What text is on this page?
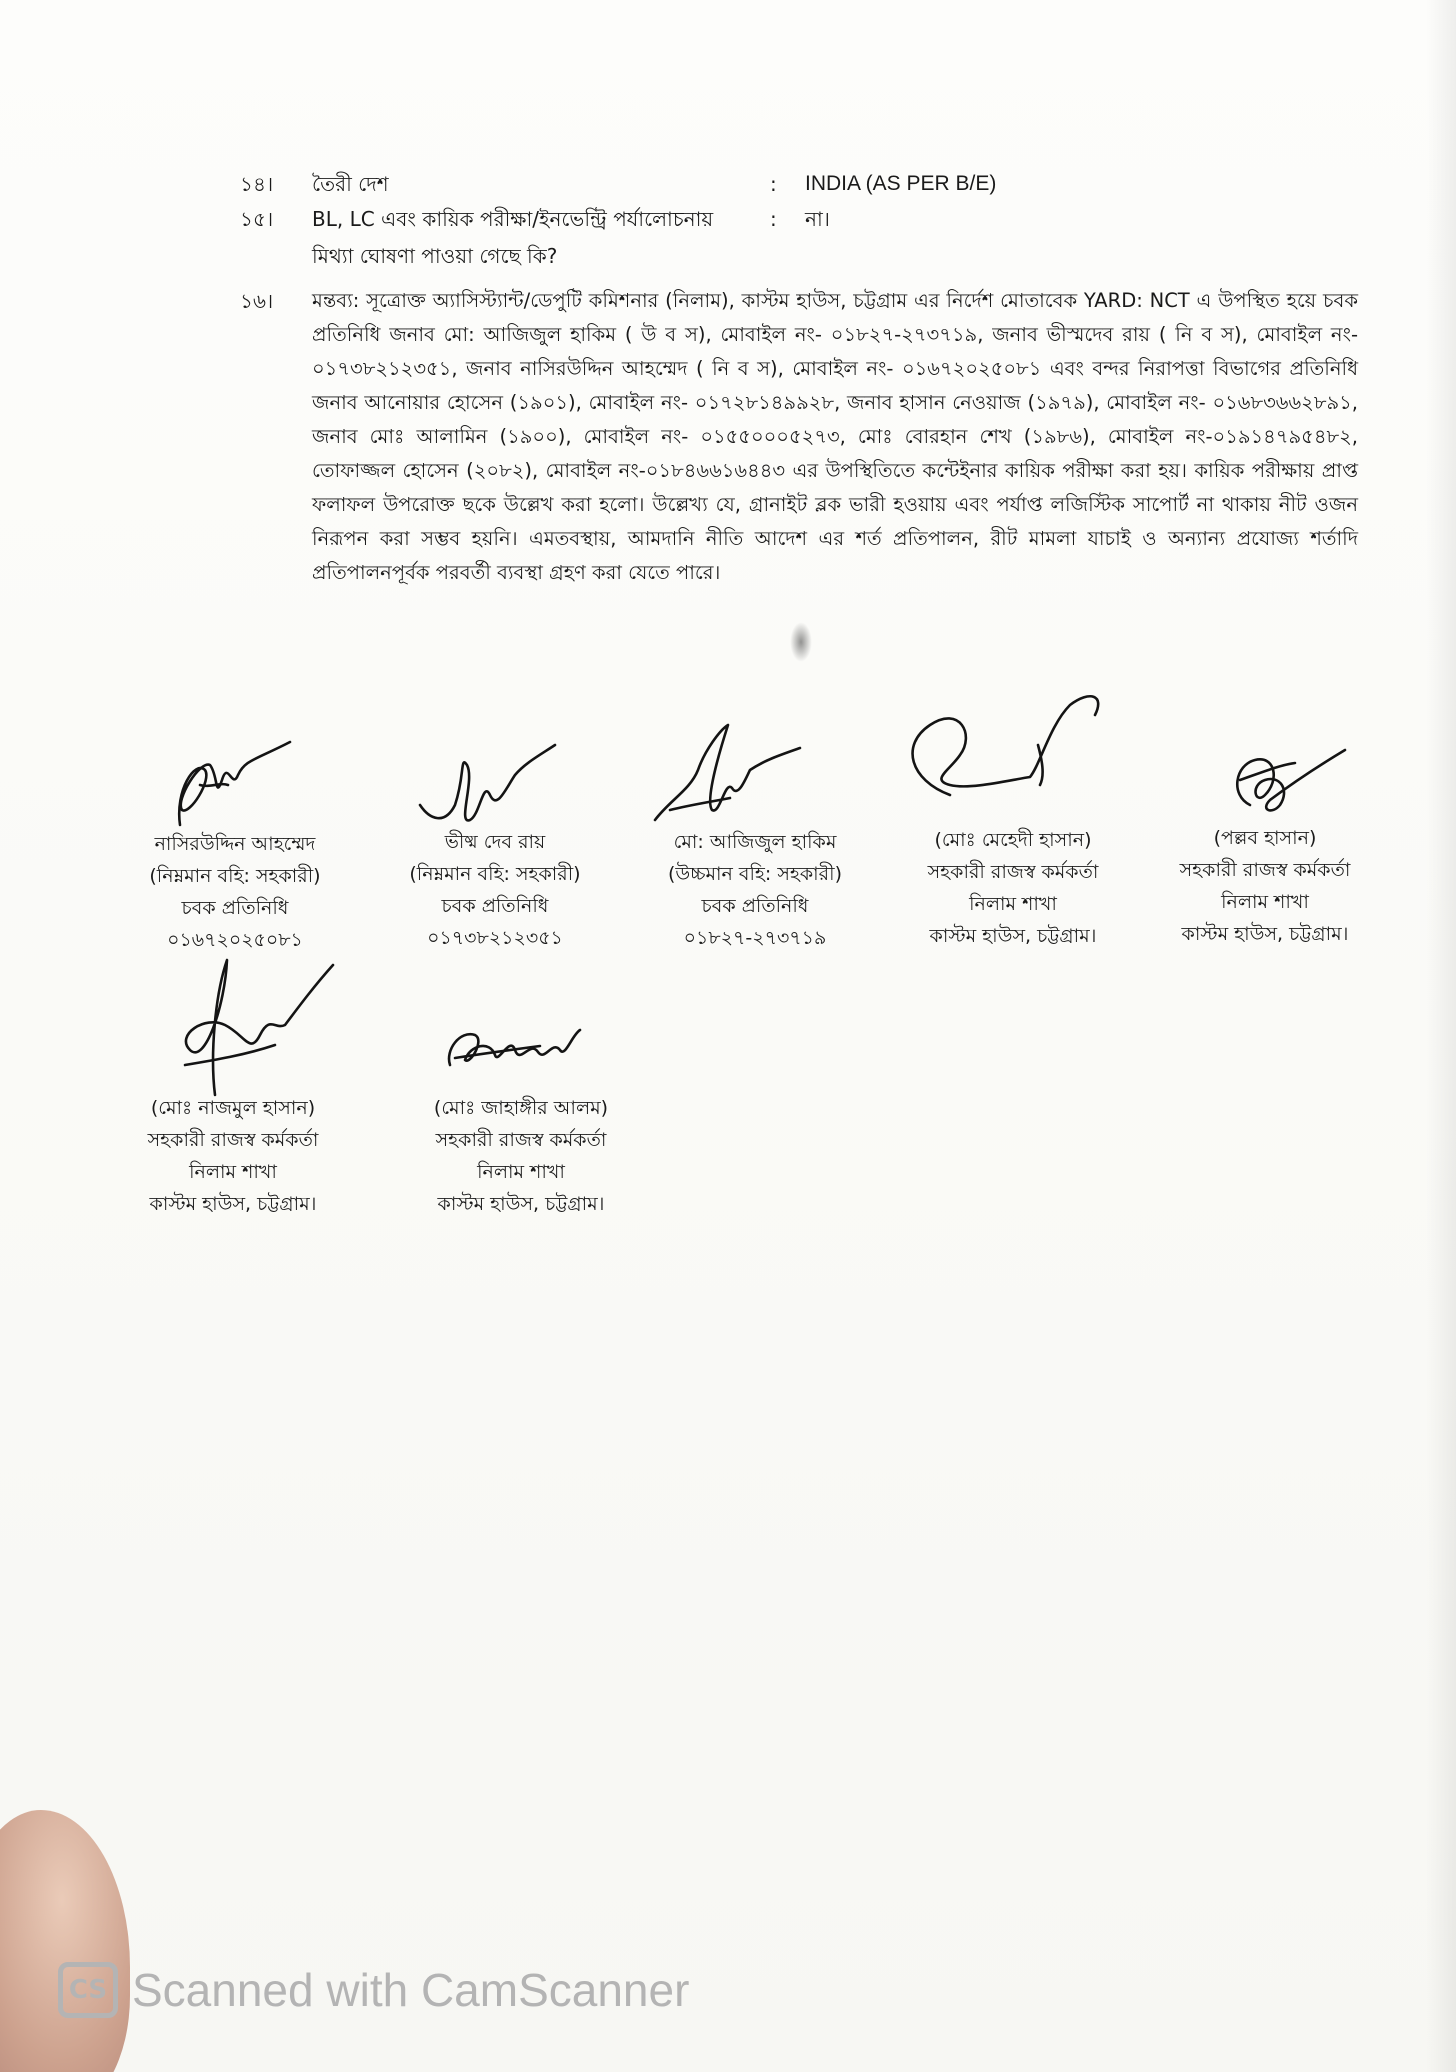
১৪। তৈরী দেশ	: INDIA (AS PER B/E)
১৫। BL, LC এবং কায়িক পরীক্ষা/ইনভেন্ট্রি পর্যালোচনায়	: না।
মিথ্যা ঘোষণা পাওয়া গেছে কি?
১৬। মন্তব্য: সূত্রোক্ত অ্যাসিস্ট্যান্ট/ডেপুটি কমিশনার (নিলাম), কাস্টম হাউস, চট্টগ্রাম এর নির্দেশ মোতাবেক YARD: NCT এ উপস্থিত হয়ে চবক প্রতিনিধি জনাব মো: আজিজুল হাকিম ( উ ব স), মোবাইল নং- ০১৮২৭-২৭৩৭১৯, জনাব ভীস্মদেব রায় ( নি ব স), মোবাইল নং- ০১৭৩৮২১২৩৫১, জনাব নাসিরউদ্দিন আহম্মেদ ( নি ব স), মোবাইল নং- ০১৬৭২০২৫০৮১ এবং বন্দর নিরাপত্তা বিভাগের প্রতিনিধি জনাব আনোয়ার হোসেন (১৯০১), মোবাইল নং- ০১৭২৮১৪৯৯২৮, জনাব হাসান নেওয়াজ (১৯৭৯), মোবাইল নং- ০১৬৮৩৬৬২৮৯১, জনাব মোঃ আলামিন (১৯০০), মোবাইল নং- ০১৫৫০০০৫২৭৩, মোঃ বোরহান শেখ (১৯৮৬), মোবাইল নং-০১৯১৪৭৯৫৪৮২, তোফাজ্জল হোসেন (২০৮২), মোবাইল নং-০১৮৪৬৬১৬৪৪৩ এর উপস্থিতিতে কন্টেইনার কায়িক পরীক্ষা করা হয়। কায়িক পরীক্ষায় প্রাপ্ত ফলাফল উপরোক্ত ছকে উল্লেখ করা হলো। উল্লেখ্য যে, গ্রানাইট ব্লক ভারী হওয়ায় এবং পর্যাপ্ত লজিস্টিক সাপোর্ট না থাকায় নীট ওজন নিরূপন করা সম্ভব হয়নি। এমতবস্থায়, আমদানি নীতি আদেশ এর শর্ত প্রতিপালন, রীট মামলা যাচাই ও অন্যান্য প্রযোজ্য শর্তাদি প্রতিপালনপূর্বক পরবর্তী ব্যবস্থা গ্রহণ করা যেতে পারে।
নাসিরউদ্দিন আহম্মেদ
(নিম্নমান বহি: সহকারী)
চবক প্রতিনিধি
০১৬৭২০২৫০৮১
ভীষ্ম দেব রায়
(নিম্নমান বহি: সহকারী)
চবক প্রতিনিধি
০১৭৩৮২১২৩৫১
মো: আজিজুল হাকিম
(উচ্চমান বহি: সহকারী)
চবক প্রতিনিধি
০১৮২৭-২৭৩৭১৯
(মোঃ মেহেদী হাসান)
সহকারী রাজস্ব কর্মকর্তা
নিলাম শাখা
কাস্টম হাউস, চট্টগ্রাম।
(পল্লব হাসান)
সহকারী রাজস্ব কর্মকর্তা
নিলাম শাখা
কাস্টম হাউস, চট্টগ্রাম।
(মোঃ নাজমুল হাসান)
সহকারী রাজস্ব কর্মকর্তা
নিলাম শাখা
কাস্টম হাউস, চট্টগ্রাম।
(মোঃ জাহাঙ্গীর আলম)
সহকারী রাজস্ব কর্মকর্তা
নিলাম শাখা
কাস্টম হাউস, চট্টগ্রাম।
CS Scanned with CamScanner
